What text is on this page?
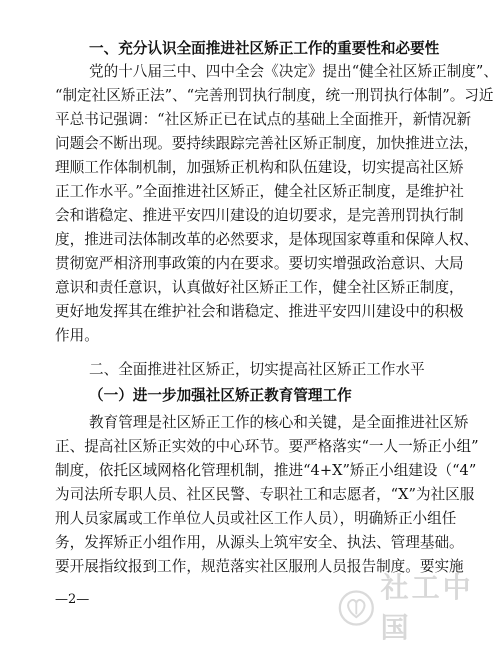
一、充分认识全面推进社区矫正工作的重要性和必要性
党的十八届三中、四中全会《决定》提出“健全社区矫正制度”、
“制定社区矫正法”、“完善刑罚执行制度，统一刑罚执行体制”。习近
平总书记强调：“社区矫正已在试点的基础上全面推开，新情况新
问题会不断出现。要持续跟踪完善社区矫正制度，加快推进立法，
理顺工作体制机制，加强矫正机构和队伍建设，切实提高社区矫
正工作水平。”全面推进社区矫正，健全社区矫正制度，是维护社
会和谐稳定、推进平安四川建设的迫切要求，是完善刑罚执行制
度，推进司法体制改革的必然要求，是体现国家尊重和保障人权、
贯彻宽严相济刑事政策的内在要求。要切实增强政治意识、大局
意识和责任意识，认真做好社区矫正工作，健全社区矫正制度，
更好地发挥其在维护社会和谐稳定、推进平安四川建设中的积极
作用。
二、全面推进社区矫正，切实提高社区矫正工作水平
（一）进一步加强社区矫正教育管理工作
教育管理是社区矫正工作的核心和关键，是全面推进社区矫
正、提高社区矫正实效的中心环节。要严格落实“一人一矫正小组”
制度，依托区域网格化管理机制，推进“4+X”矫正小组建设（“4”
为司法所专职人员、社区民警、专职社工和志愿者，“X”为社区服
刑人员家属或工作单位人员或社区工作人员），明确矫正小组任
务，发挥矫正小组作用，从源头上筑牢安全、执法、管理基础。
要开展指纹报到工作，规范落实社区服刑人员报告制度。要实施
—2—	社工中国
